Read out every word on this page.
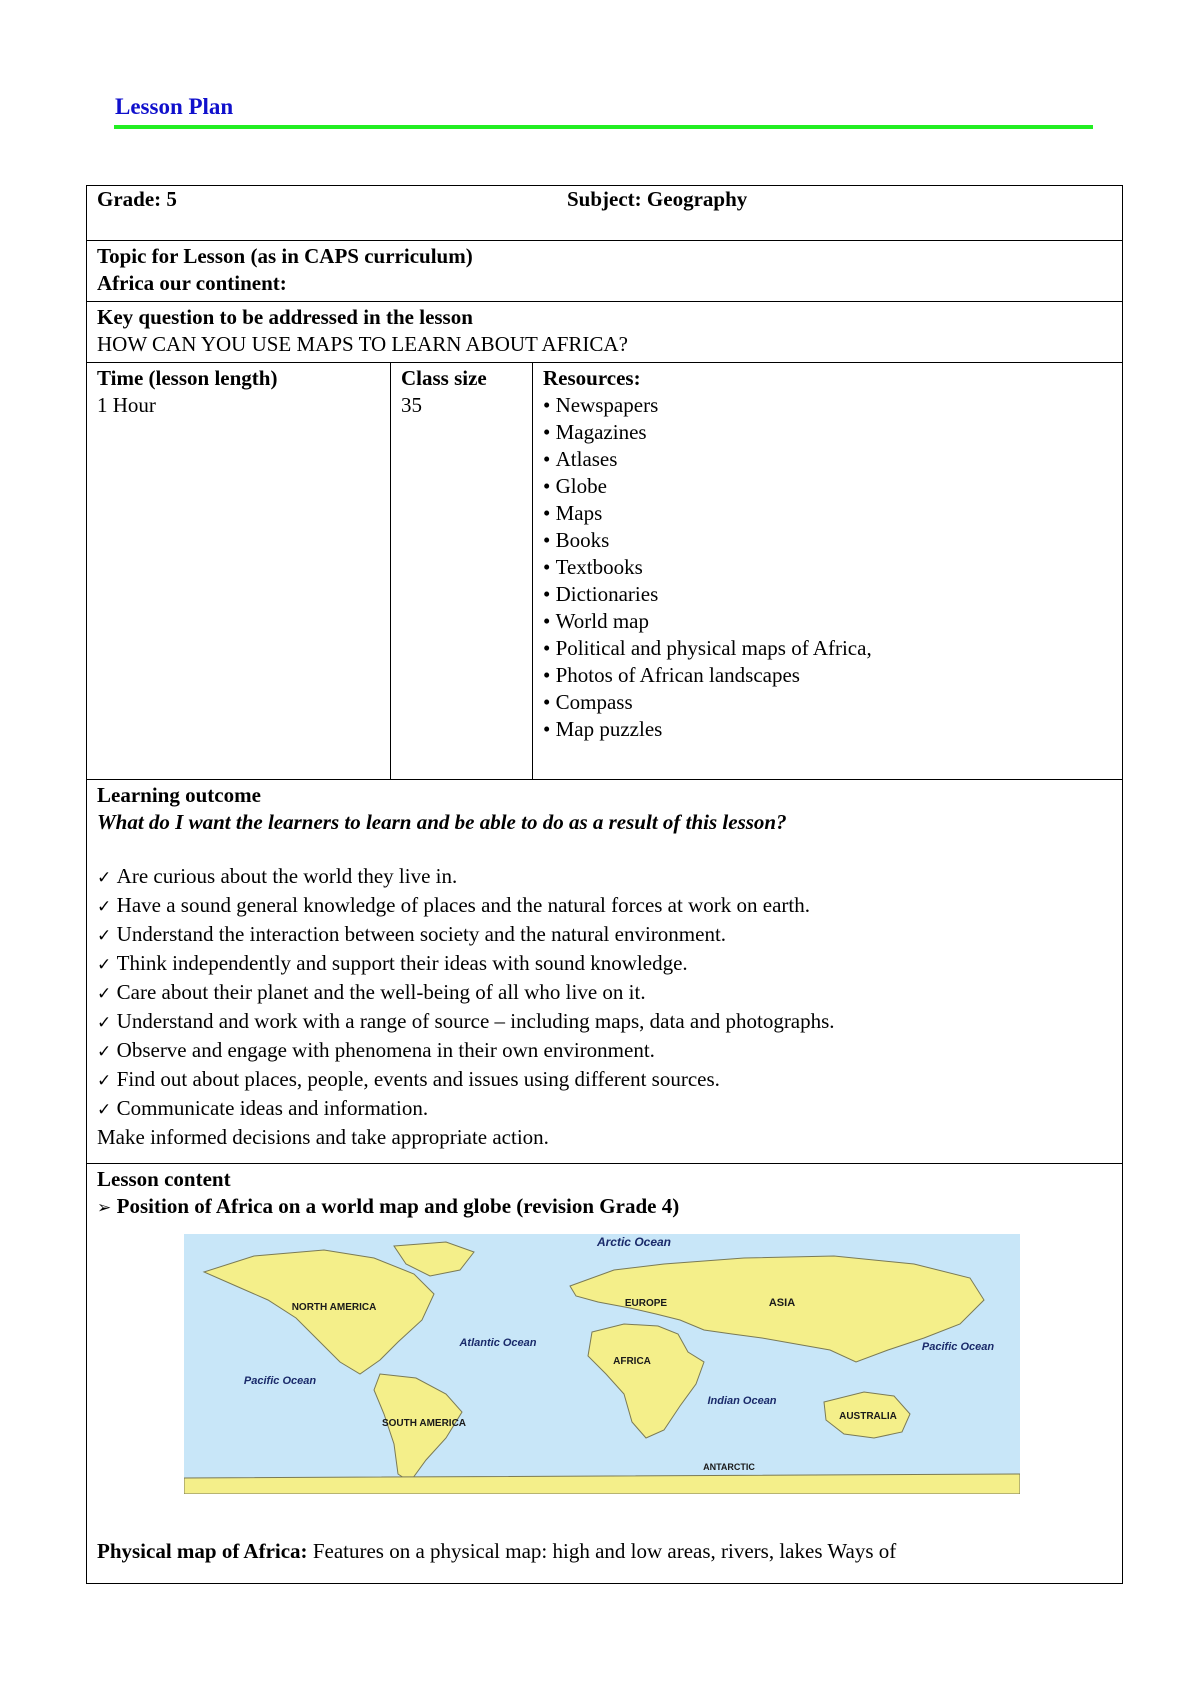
Lesson Plan
Grade: 5	Subject: Geography

Topic for Lesson (as in CAPS curriculum)
Africa our continent:

Key question to be addressed in the lesson
HOW CAN YOU USE MAPS TO LEARN ABOUT AFRICA?

Time (lesson length)
1 Hour

Class size
35

Resources:
• Newspapers
• Magazines
• Atlases
• Globe
• Maps
• Books
• Textbooks
• Dictionaries
• World map
• Political and physical maps of Africa,
• Photos of African landscapes
• Compass
• Map puzzles

Learning outcome
What do I want the learners to learn and be able to do as a result of this lesson?
✓ Are curious about the world they live in.
✓ Have a sound general knowledge of places and the natural forces at work on earth.
✓ Understand the interaction between society and the natural environment.
✓ Think independently and support their ideas with sound knowledge.
✓ Care about their planet and the well-being of all who live on it.
✓ Understand and work with a range of source – including maps, data and photographs.
✓ Observe and engage with phenomena in their own environment.
✓ Find out about places, people, events and issues using different sources.
✓ Communicate ideas and information.
Make informed decisions and take appropriate action.

Lesson content
➢ Position of Africa on a world map and globe (revision Grade 4)
Arctic Ocean
NORTH AMERICA
SOUTH AMERICA
EUROPE	ASIA
AFRICA
AUSTRALIA
ANTARCTIC
Atlantic Ocean
Pacific Ocean
Pacific Ocean
Indian Ocean
Physical map of Africa: Features on a physical map: high and low areas, rivers, lakes Ways of
